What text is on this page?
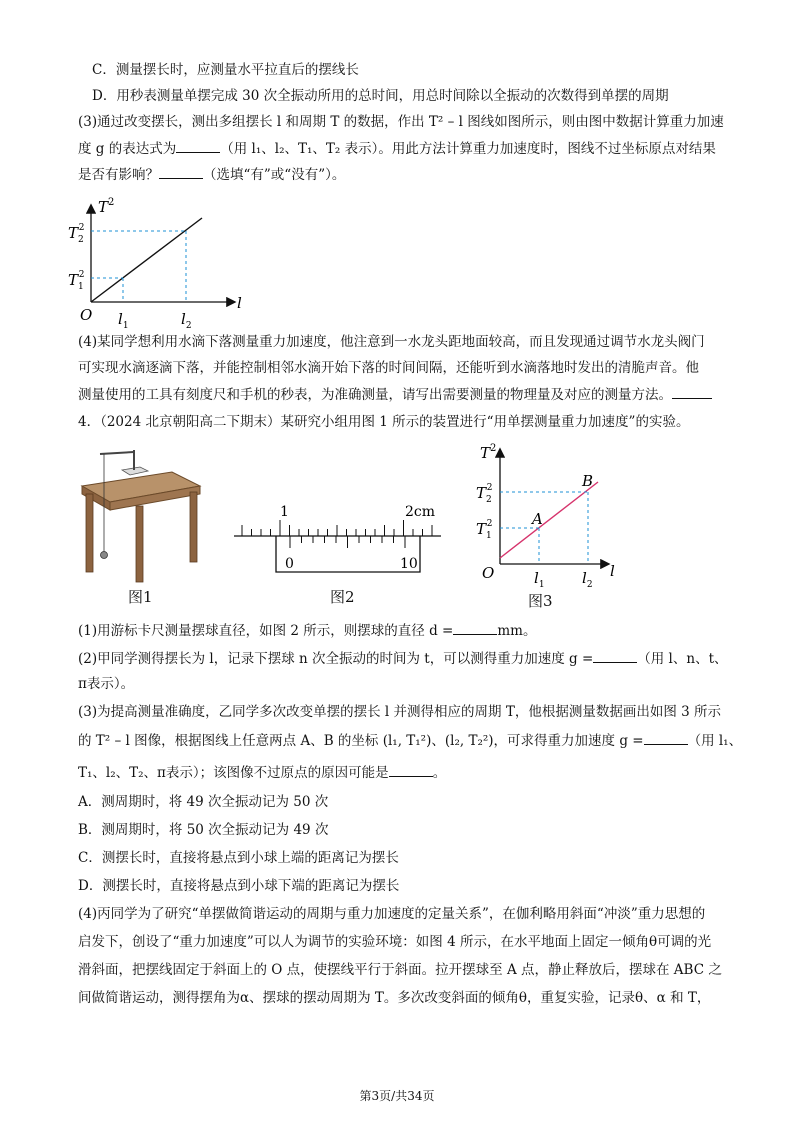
C．测量摆长时，应测量水平拉直后的摆线长
D．用秒表测量单摆完成 30 次全振动所用的总时间，用总时间除以全振动的次数得到单摆的周期
(3)通过改变摆长，测出多组摆长 l 和周期 T 的数据，作出 T² – l 图线如图所示，则由图中数据计算重力加速
度 g 的表达式为	（用 l₁、l₂、T₁、T₂ 表示）。用此方法计算重力加速度时，图线不过坐标原点对结果
是否有影响？	（选填“有”或“没有”）。
$T^2$
l
O
$T_22$
$T_12$
$l_1$	$l_2$
(4)某同学想利用水滴下落测量重力加速度，他注意到一水龙头距地面较高，而且发现通过调节水龙头阀门
可实现水滴逐滴下落，并能控制相邻水滴开始下落的时间间隔，还能听到水滴落地时发出的清脆声音。他
测量使用的工具有刻度尺和手机的秒表，为准确测量，请写出需要测量的物理量及对应的测量方法。
4．（2024 北京朝阳高二下期末）某研究小组用图 1 所示的装置进行“用单摆测量重力加速度”的实验。
图1
1	2cm
0	10
图2
$T^2$
l
O
A
B
$T_12$
$T_22$
$l_1$ $l_2$
图3
(1)用游标卡尺测量摆球直径，如图 2 所示，则摆球的直径 d =	mm。
(2)甲同学测得摆长为 l，记录下摆球 n 次全振动的时间为 t，可以测得重力加速度 g =	（用 l、n、t、
π表示）。
(3)为提高测量准确度，乙同学多次改变单摆的摆长 l 并测得相应的周期 T，他根据测量数据画出如图 3 所示
的 T² – l 图像，根据图线上任意两点 A、B 的坐标 (l₁, T₁²)、(l₂, T₂²)，可求得重力加速度 g =	（用 l₁、
T₁、l₂、T₂、π表示）；该图像不过原点的原因可能是	。
A．测周期时，将 49 次全振动记为 50 次
B．测周期时，将 50 次全振动记为 49 次
C．测摆长时，直接将悬点到小球上端的距离记为摆长
D．测摆长时，直接将悬点到小球下端的距离记为摆长
(4)丙同学为了研究“单摆做简谐运动的周期与重力加速度的定量关系”，在伽利略用斜面“冲淡”重力思想的
启发下，创设了“重力加速度”可以人为调节的实验环境：如图 4 所示，在水平地面上固定一倾角θ可调的光
滑斜面，把摆线固定于斜面上的 O 点，使摆线平行于斜面。拉开摆球至 A 点，静止释放后，摆球在 ABC 之
间做简谐运动，测得摆角为α、摆球的摆动周期为 T。多次改变斜面的倾角θ，重复实验，记录θ、α 和 T，
第3页/共34页
